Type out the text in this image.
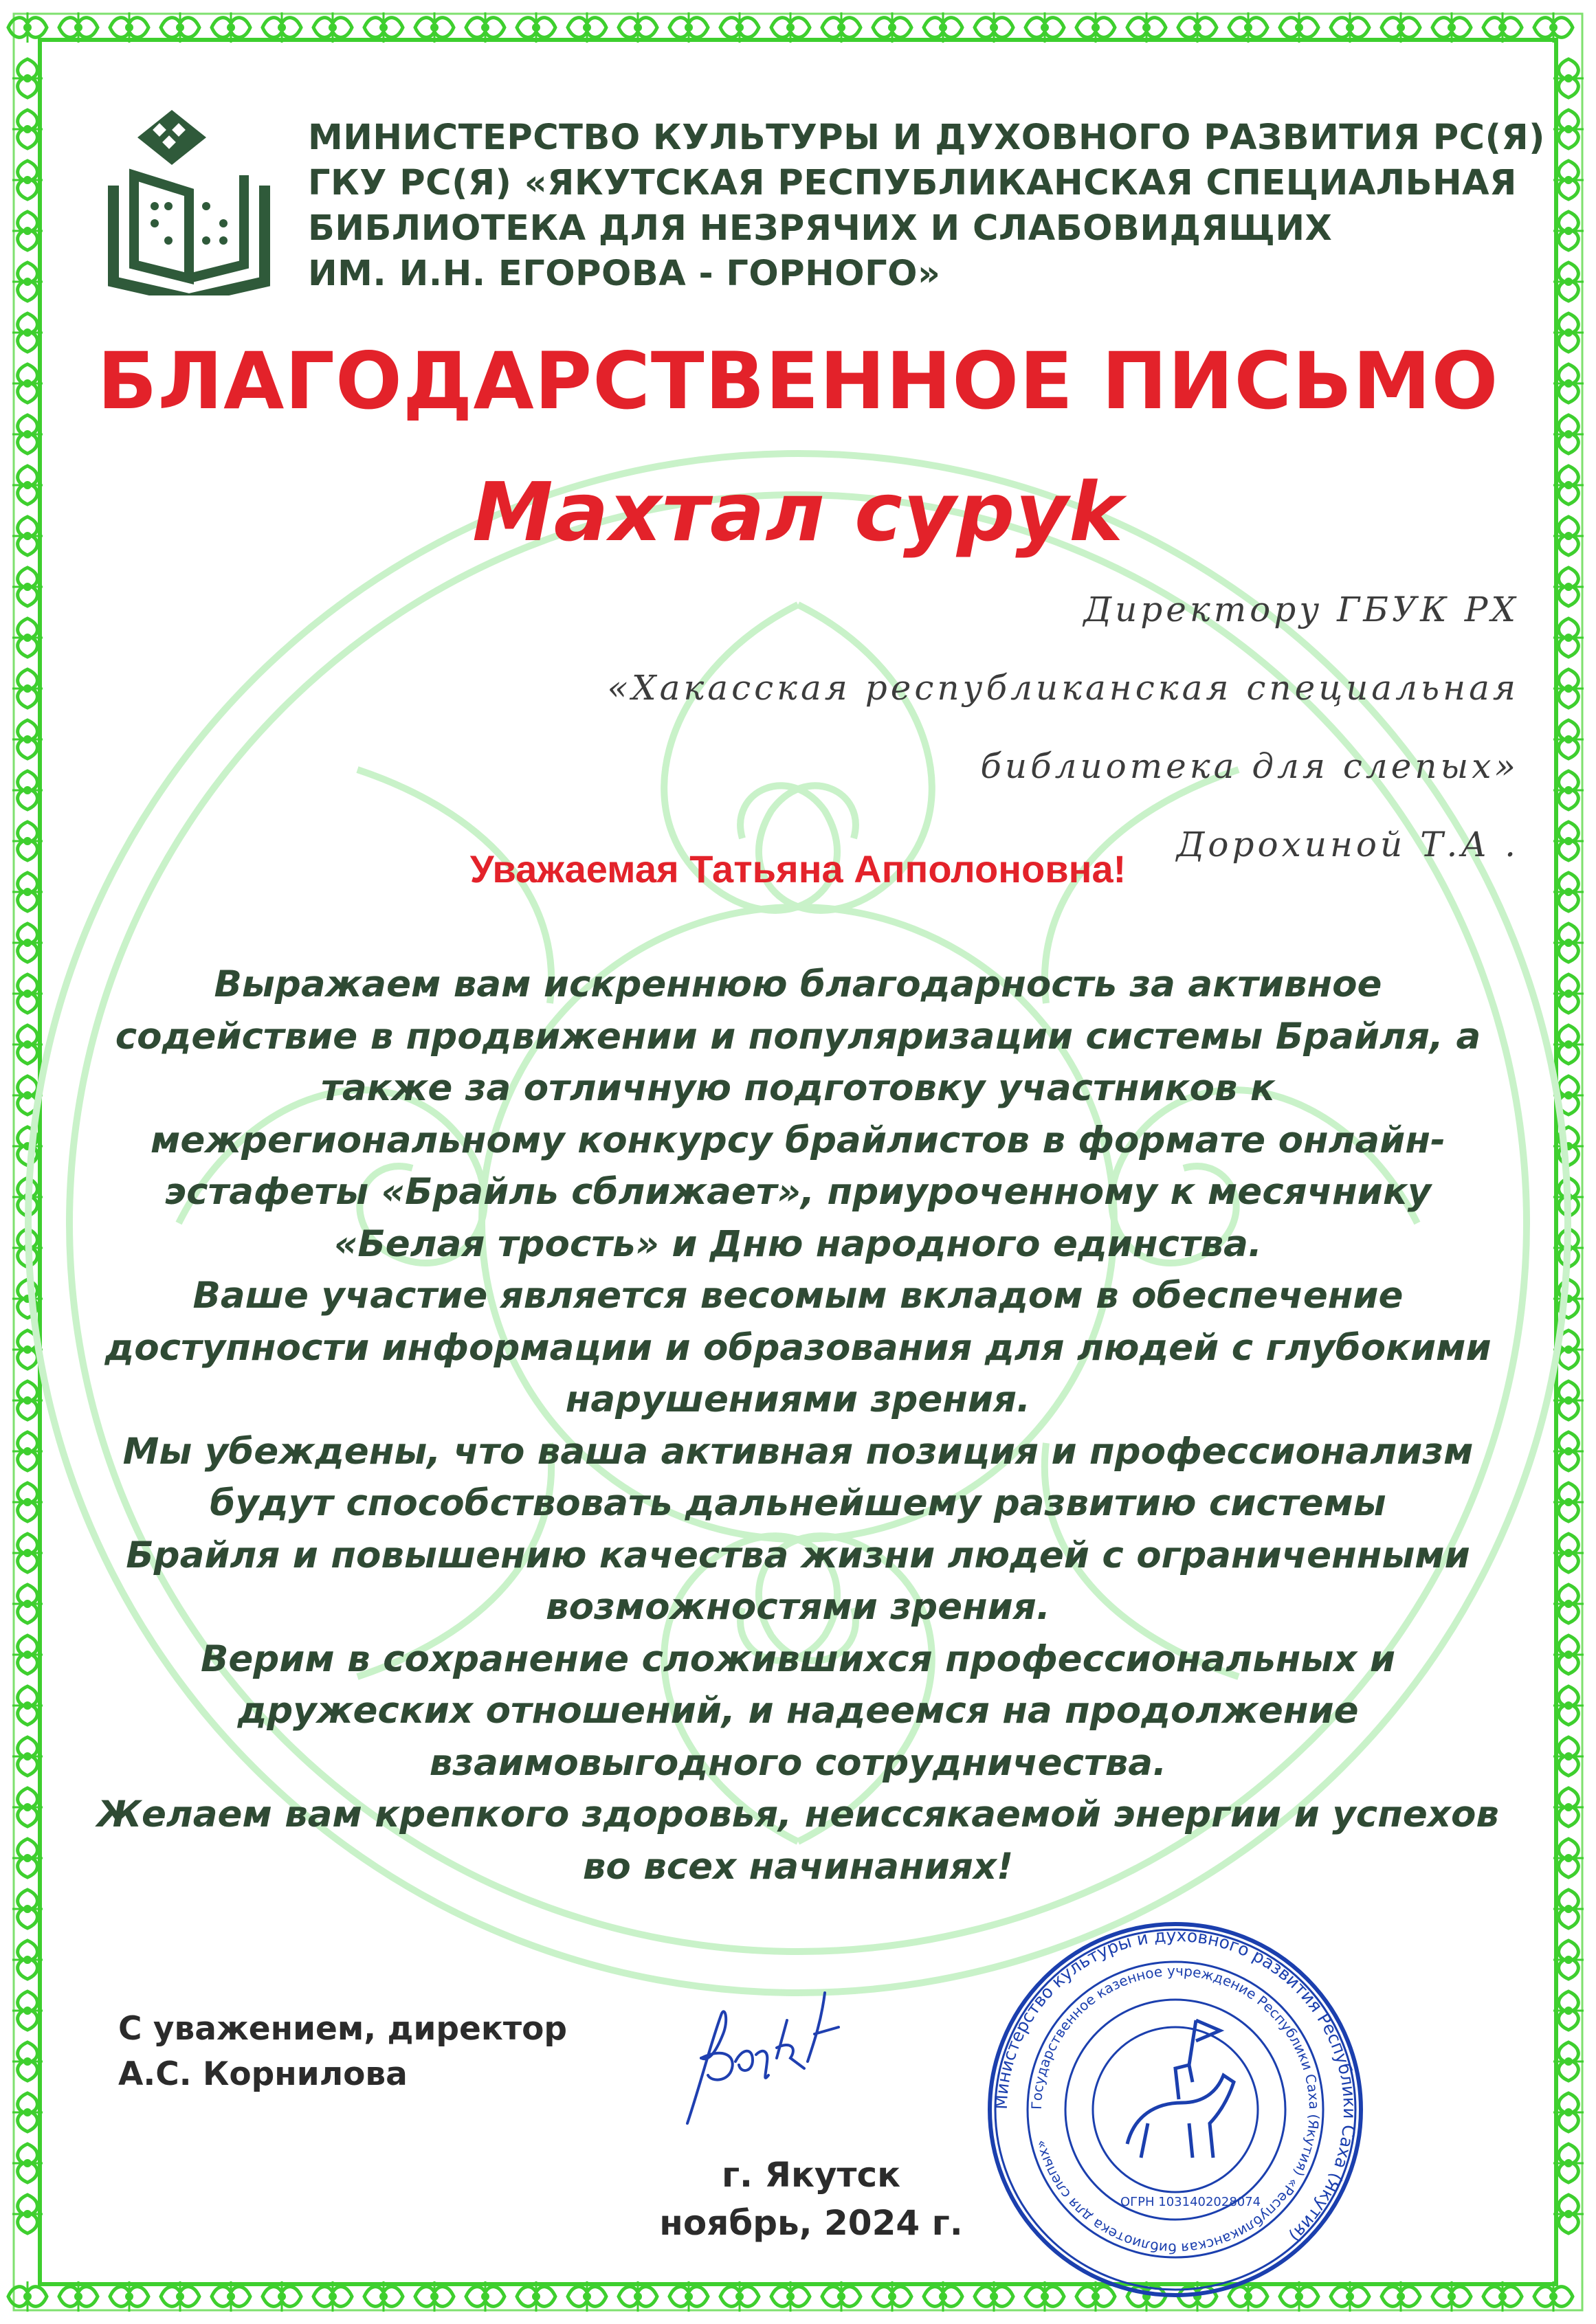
МИНИСТЕРСТВО КУЛЬТУРЫ И ДУХОВНОГО РАЗВИТИЯ РС(Я)
ГКУ РС(Я) «ЯКУТСКАЯ РЕСПУБЛИКАНСКАЯ СПЕЦИАЛЬНАЯ
БИБЛИОТЕКА ДЛЯ НЕЗРЯЧИХ И СЛАБОВИДЯЩИХ
ИМ. И.Н. ЕГОРОВА - ГОРНОГО»
БЛАГОДАРСТВЕННОЕ ПИСЬМО
Махтал суруk
Директору ГБУК РХ
«Хакасская республиканская специальная
библиотека для слепых»
Дорохиной Т.А .
Уважаемая Татьяна Апполоновна!
Выражаем вам искреннюю благодарность за активное
содействие в продвижении и популяризации системы Брайля, а
также за отличную подготовку участников к
межрегиональному конкурсу брайлистов в формате онлайн-
эстафеты «Брайль сближает», приуроченному к месячнику
«Белая трость» и Дню народного единства.
Ваше участие является весомым вкладом в обеспечение
доступности информации и образования для людей с глубокими
нарушениями зрения.
Мы убеждены, что ваша активная позиция и профессионализм
будут способствовать дальнейшему развитию системы
Брайля и повышению качества жизни людей с ограниченными
возможностями зрения.
Верим в сохранение сложившихся профессиональных и
дружеских отношений, и надеемся на продолжение
взаимовыгодного сотрудничества.
Желаем вам крепкого здоровья, неиссякаемой энергии и успехов
во всех начинаниях!
С уважением, директор
А.С. Корнилова
г. Якутск
ноябрь, 2024 г.
Министерство культуры и духовного развития Республики Саха (Якутия)
Государственное казенное учреждение Республики Саха (Якутия) «Республиканская библиотека для слепых»
ОГРН 1031402028074
